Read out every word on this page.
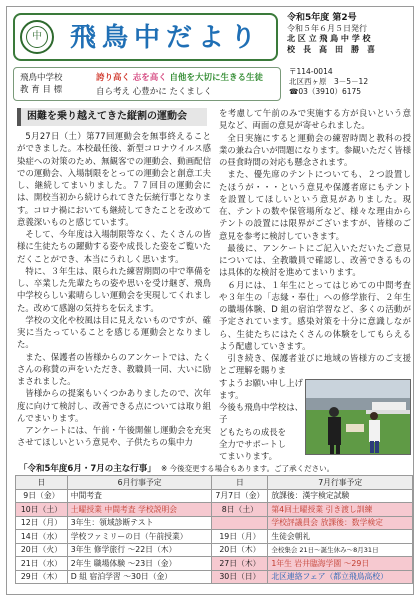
中 飛鳥中だより
令和5年度 第2号
令和５年６月５日発行
北 区 立 飛 鳥 中 学 校
校　長　高　田　勝　喜
飛鳥中学校
教 育 目 標
誇り高く 志を高く 自他を大切に生きる生徒
自ら考え 心豊かに たくましく
〒114-0014
北区西ヶ原　3－5－12
☎03（3910）6175
困難を乗り越えてきた縦割の運動会

5月27日（土）第77回運動会を無事終えることができました。本校最任後、新型コロナウイルス感染症への対策のため、無観客での運動会、動画配信での運動会、入場制限をとっての運動会と創意工夫し、継続してまいりました。７７回目の運動会には、開校当初から続けられてきた伝統行事となります。コロナ禍においても継続してきたことを改めて意義深いものと感じています。

そして、今年度は入場制限等なく、たくさんの皆様に生徒たちの躍動する姿や成長した姿をご覧いただくことができ、本当にうれしく思います。

特に、３年生は、限られた練習期間の中で準備をし、卒業した先輩たちの姿や思いを受け継ぎ、飛鳥中学校らしい素晴らしい運動会を実現してくれました。改めて感謝の気持ちを伝えます。

学校の文化や校風は目に見えないものですが、確実に当たっていることを感じる運動会となりました。

また、保護者の皆様からのアンケートでは、たくさんの称賛の声をいただき、教職員一同、大いに励まされました。

皆様からの提案もいくつかありましたので、次年度に向けて検討し、改善できる点については取り組んでまいります。

アンケートには、午前・午後開催し運動会を充実させてほしいという意見や、子供たちの集中力

を考慮して午前のみで実施する方が良いという意見など、両面の意見が寄せられました。

全日実施にすると運動会の練習時間と教科の授業の兼ね合いが問題になります。参観いただく皆様の昼食時間の対応も懸念されます。

また、優先席のテントについても、２つ設置したほうが・・・という意見や保護者席にもテントを設置してほしいという意見がありました。現在、テントの数や保管場所など、様々な理由からテントの設置には限界がございますが、皆様のご意見を参考に検討していきます。

最後に、アンケートにご記入いただいたご意見については、全教職員で確認し、改善できるものは具体的な検討を進めてまいります。

６月には、１年生にとってはじめての中間考査や３年生の「志縁・奉仕」への修学旅行、２年生の職場体験、D 組の宿泊学習など、多くの活動が予定されています。感染対策を十分に意識しながら、生徒たちにはたくさんの体験をしてもらえるよう配慮していきます。

引き続き、保護者並びに地域の皆様方のご支援とご理解を賜りま

すようお願い申し上げます。
今後も飛鳥中学校は、子
どもたちの成長を
全力でサポートし
てまいります。
「令和5年度6月・7月の主な行事」 ※ 今後変更する場合もあります。ご了承ください。
日	6月行事予定	日	7月行事予定
9日（金）	中間考査	7月7日（金）	放課後：漢字検定試験
10日（土）	土曜授業 中間考査 学校説明会	8日（土）	第4回土曜授業 引き渡し訓練
12日（月）	3年生：領域診断テスト		学校評議員会 放課後：数学検定
14日（水）	学校ファミリーの日（午前授業）	19日（月）	生徒会朝礼
20日（火）	3年生 修学旅行 ～22日（木）	20日（木）	全校集会 21日～誕生休み～8月31日
21日（水）	2年生 職場体験 ～23日（金）	27日（木）	1年生 岩井臨海学園 ～29日
29日（木）	D 組 宿泊学習 ～30日（金）	30日（日）	北区連絡フェア（都立飛鳥高校）
